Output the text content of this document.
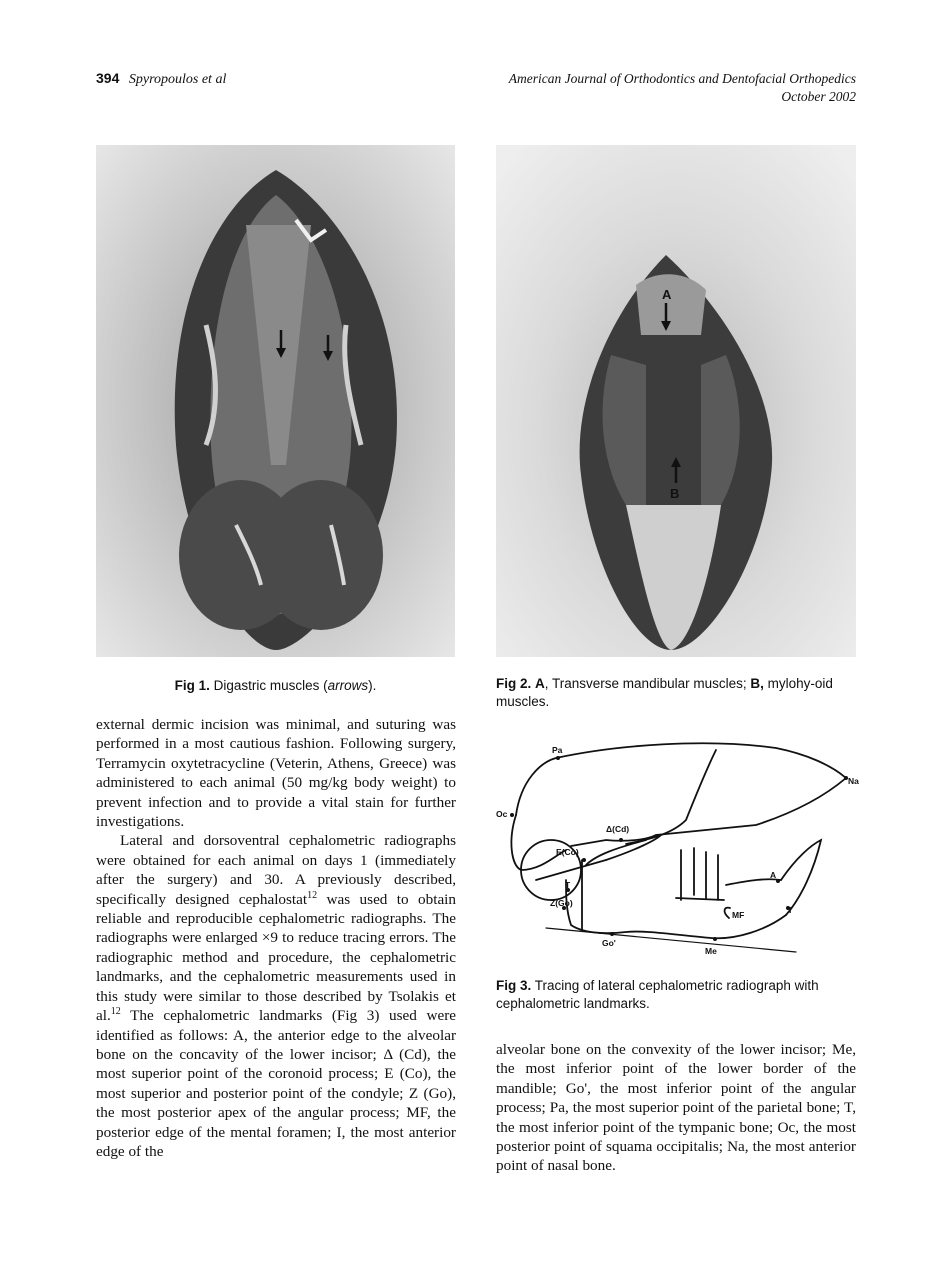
394 Spyropoulos et al	American Journal of Orthodontics and Dentofacial Orthopedics
October 2002
A
B
Fig 1. Digastric muscles (arrows).	Fig 2. A, Transverse mandibular muscles; B, mylohy-oid muscles.
Pa
Na
Oc
Δ(Cd)
E(Co)
T
Z(Go)
Go'
Me
A
MF	I
Fig 3. Tracing of lateral cephalometric radiograph with cephalometric landmarks.

external dermic incision was minimal, and suturing was performed in a most cautious fashion. Following surgery, Terramycin oxytetracycline (Veterin, Athens, Greece) was administered to each animal (50 mg/kg body weight) to prevent infection and to provide a vital stain for further investigations.

Lateral and dorsoventral cephalometric radiographs were obtained for each animal on days 1 (immediately after the surgery) and 30. A previously described, specifically designed cephalostat$^{12}$ was used to obtain reliable and reproducible cephalometric radiographs. The radiographs were enlarged ×9 to reduce tracing errors. The radiographic method and procedure, the cephalometric landmarks, and the cephalometric measurements used in this study were similar to those described by Tsolakis et al.$^{12}$ The cephalometric landmarks (Fig 3) used were identified as follows: A, the anterior edge to the alveolar bone on the concavity of the lower incisor; Δ (Cd), the most superior point of the coronoid process; E (Co), the most superior and posterior point of the condyle; Z (Go), the most posterior apex of the angular process; MF, the posterior edge of the mental foramen; I, the most anterior edge of the

alveolar bone on the convexity of the lower incisor; Me, the most inferior point of the lower border of the mandible; Go', the most inferior point of the angular process; Pa, the most superior point of the parietal bone; T, the most inferior point of the tympanic bone; Oc, the most posterior point of squama occipitalis; Na, the most anterior point of nasal bone.
